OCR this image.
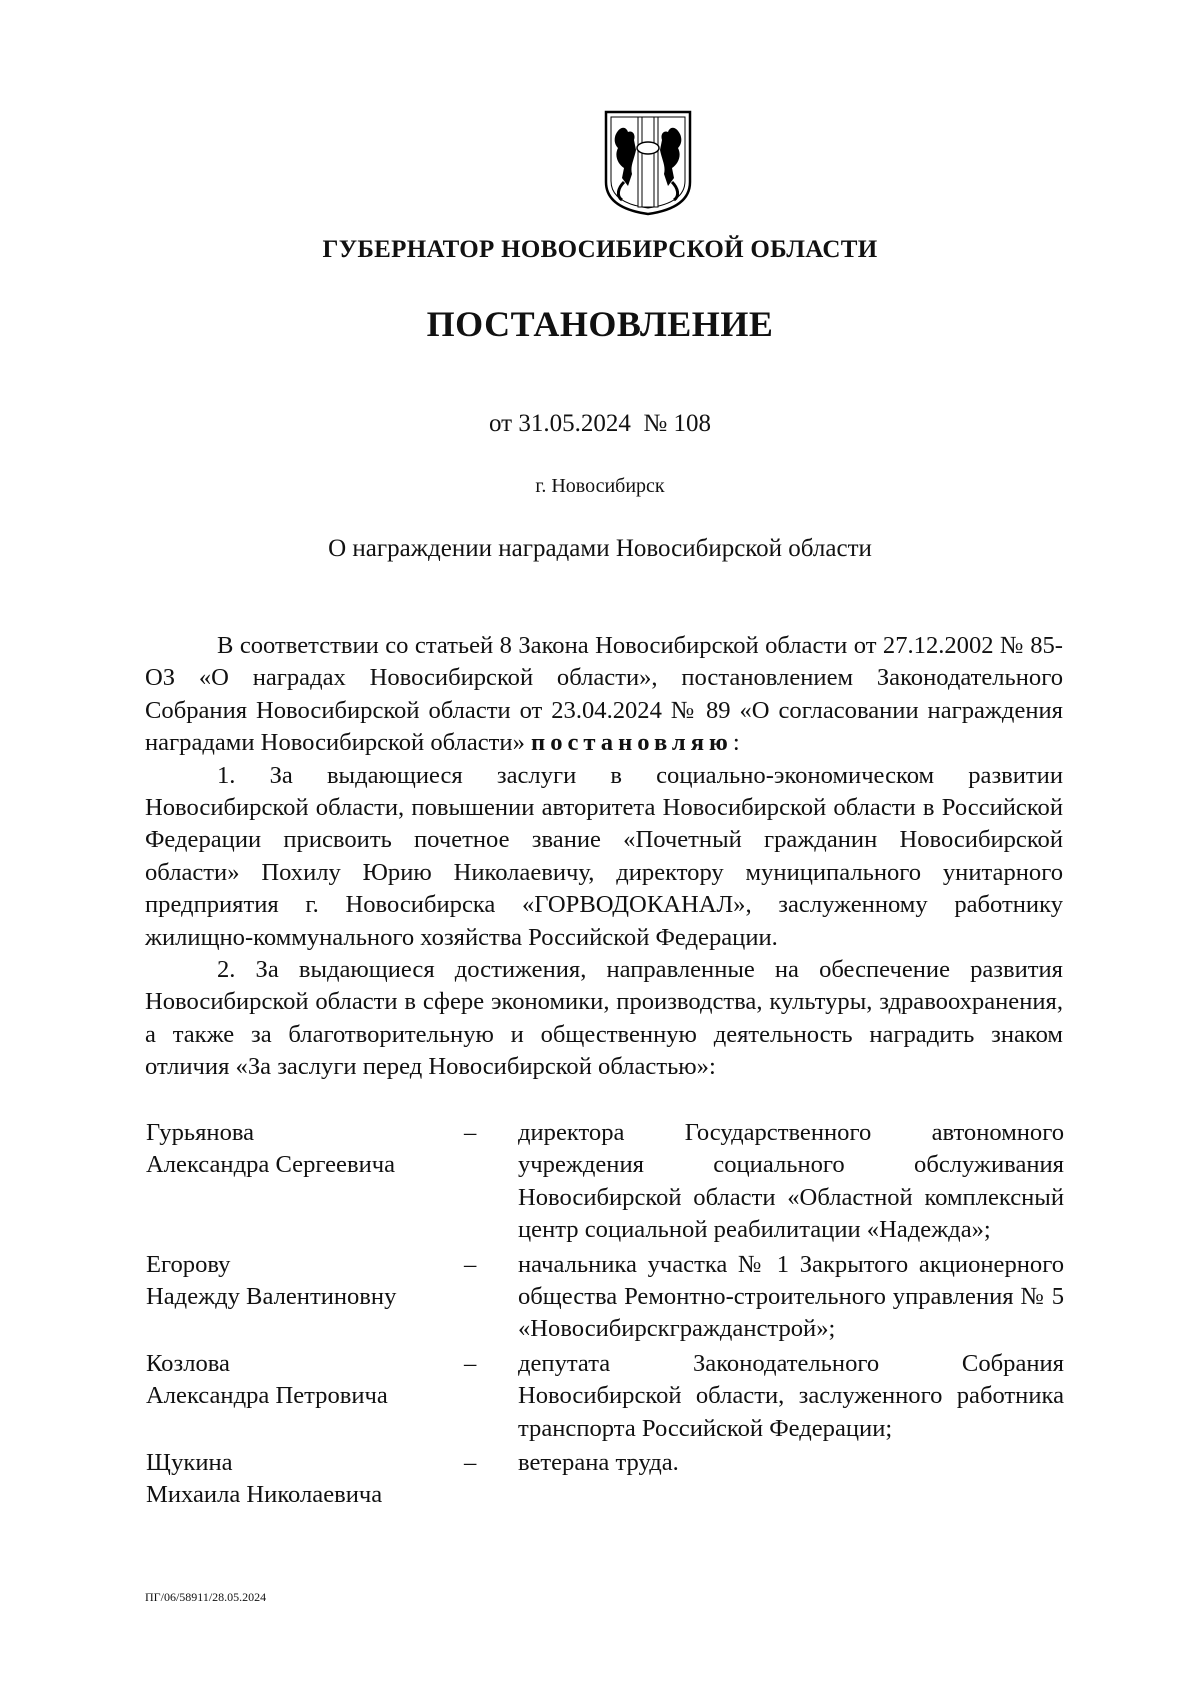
ГУБЕРНАТОР НОВОСИБИРСКОЙ ОБЛАСТИ
ПОСТАНОВЛЕНИЕ
от 31.05.2024 № 108
г. Новосибирск
О награждении наградами Новосибирской области

В соответствии со статьей 8 Закона Новосибирской области от 27.12.2002 № 85-ОЗ «О наградах Новосибирской области», постановлением Законодательного Собрания Новосибирской области от 23.04.2024 № 89 «О согласовании награждения наградами Новосибирской области» постановляю:

1. За выдающиеся заслуги в социально-экономическом развитии Новосибирской области, повышении авторитета Новосибирской области в Российской Федерации присвоить почетное звание «Почетный гражданин Новосибирской области» Похилу Юрию Николаевичу, директору муниципального унитарного предприятия г. Новосибирска «ГОРВОДОКАНАЛ», заслуженному работнику жилищно-коммунального хозяйства Российской Федерации.

2. За выдающиеся достижения, направленные на обеспечение развития Новосибирской области в сфере экономики, производства, культуры, здравоохранения, а также за благотворительную и общественную деятельность наградить знаком отличия «За заслуги перед Новосибирской областью»:

Гурьянова
Александра Сергеевича
–	директора Государственного автономного учреждения социального обслуживания Новосибирской области «Областной комплексный центр социальной реабилитации «Надежда»;
Егорову
Надежду Валентиновну
–	начальника участка № 1 Закрытого акционерного общества Ремонтно-строительного управления № 5 «Новосибирскгражданстрой»;
Козлова
Александра Петровича
–	депутата Законодательного Собрания Новосибирской области, заслуженного работника транспорта Российской Федерации;
Щукина
Михаила Николаевича
–	ветерана труда.
ПГ/06/58911/28.05.2024
